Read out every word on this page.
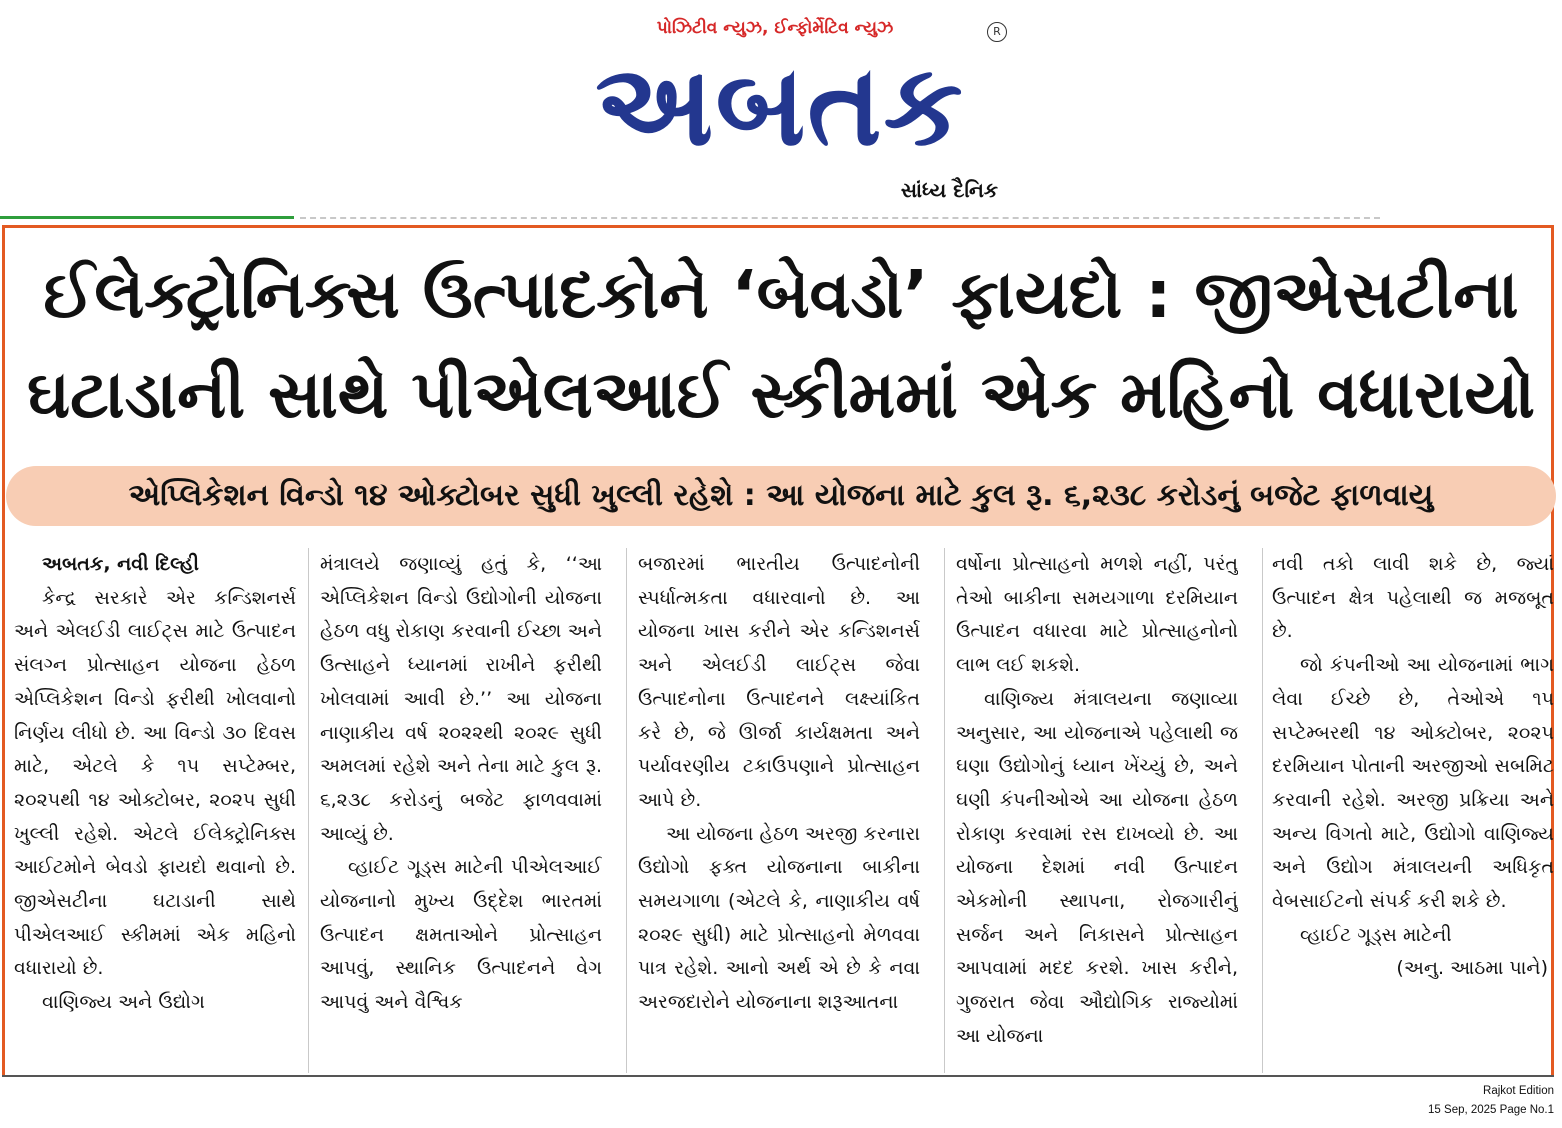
પોઝિટીવ ન્યુઝ, ઈન્ફોર્મેટિવ ન્યુઝ	R
અબતક
સાંધ્ય દૈનિક
ઈલેક્ટ્રોનિક્સ ઉત્પાદકોને ‘બેવડો’ ફાયદો : જીએસટીના
ઘટાડાની સાથે પીએલઆઈ સ્કીમમાં એક મહિનો વધારાયો
એપ્લિકેશન વિન્ડો ૧૪ ઓક્ટોબર સુધી ખુલ્લી રહેશે : આ યોજના માટે કુલ રૂ. ૬,૨૩૮ કરોડનું બજેટ ફાળવાયુ

અબતક, નવી દિલ્હી

કેન્દ્ર સરકારે એર કન્ડિશનર્સ અને એલઈડી લાઈટ્સ માટે ઉત્પાદન સંલગ્ન પ્રોત્સાહન યોજના હેઠળ એપ્લિકેશન વિન્ડો ફરીથી ખોલવાનો નિર્ણય લીધો છે. આ વિન્ડો ૩૦ દિવસ માટે, એટલે કે ૧૫ સપ્ટેમ્બર, ૨૦૨૫થી ૧૪ ઓક્ટોબર, ૨૦૨૫ સુધી ખુલ્લી રહેશે. એટલે ઈલેક્ટ્રોનિક્સ આઈટમોને બેવડો ફાયદો થવાનો છે. જીએસટીના ઘટાડાની સાથે પીએલઆઈ સ્કીમમાં એક મહિનો વધારાયો છે.

વાણિજ્ય અને ઉદ્યોગ

મંત્રાલયે જણાવ્યું હતું કે, ‘‘આ એપ્લિકેશન વિન્ડો ઉદ્યોગોની યોજના હેઠળ વધુ રોકાણ કરવાની ઈચ્છા અને ઉત્સાહને ધ્યાનમાં રાખીને ફરીથી ખોલવામાં આવી છે.’’ આ યોજના નાણાકીય વર્ષ ૨૦૨૨થી ૨૦૨૯ સુધી અમલમાં રહેશે અને તેના માટે કુલ રૂ. ૬,૨૩૮ કરોડનું બજેટ ફાળવવામાં આવ્યું છે.

વ્હાઈટ ગૂડ્સ માટેની પીએલઆઈ યોજનાનો મુખ્ય ઉદ્દેશ ભારતમાં ઉત્પાદન ક્ષમતાઓને પ્રોત્સાહન આપવું, સ્થાનિક ઉત્પાદનને વેગ આપવું અને વૈશ્વિક

બજારમાં ભારતીય ઉત્પાદનોની સ્પર્ધાત્મકતા વધારવાનો છે. આ યોજના ખાસ કરીને એર કન્ડિશનર્સ અને એલઈડી લાઈટ્સ જેવા ઉત્પાદનોના ઉત્પાદનને લક્ષ્યાંકિત કરે છે, જે ઊર્જા કાર્યક્ષમતા અને પર્યાવરણીય ટકાઉપણાને પ્રોત્સાહન આપે છે.

આ યોજના હેઠળ અરજી કરનારા ઉદ્યોગો ફક્ત યોજનાના બાકીના સમયગાળા (એટલે કે, નાણાકીય વર્ષ ૨૦૨૯ સુધી) માટે પ્રોત્સાહનો મેળવવા પાત્ર રહેશે. આનો અર્થ એ છે કે નવા અરજદારોને યોજનાના શરૂઆતના

વર્ષોના પ્રોત્સાહનો મળશે નહીં, પરંતુ તેઓ બાકીના સમયગાળા દરમિયાન ઉત્પાદન વધારવા માટે પ્રોત્સાહનોનો લાભ લઈ શકશે.

વાણિજ્ય મંત્રાલયના જણાવ્યા અનુસાર, આ યોજનાએ પહેલાથી જ ઘણા ઉદ્યોગોનું ધ્યાન ખેંચ્યું છે, અને ઘણી કંપનીઓએ આ યોજના હેઠળ રોકાણ કરવામાં રસ દાખવ્યો છે. આ યોજના દેશમાં નવી ઉત્પાદન એકમોની સ્થાપના, રોજગારીનું સર્જન અને નિકાસને પ્રોત્સાહન આપવામાં મદદ કરશે. ખાસ કરીને, ગુજરાત જેવા ઔદ્યોગિક રાજ્યોમાં આ યોજના

નવી તકો લાવી શકે છે, જ્યાં ઉત્પાદન ક્ષેત્ર પહેલાથી જ મજબૂત છે.

જો કંપનીઓ આ યોજનામાં ભાગ લેવા ઈચ્છે છે, તેઓએ ૧૫ સપ્ટેમ્બરથી ૧૪ ઓક્ટોબર, ૨૦૨૫ દરમિયાન પોતાની અરજીઓ સબમિટ કરવાની રહેશે. અરજી પ્રક્રિયા અને અન્ય વિગતો માટે, ઉદ્યોગો વાણિજ્ય અને ઉદ્યોગ મંત્રાલયની અધિકૃત વેબસાઈટનો સંપર્ક કરી શકે છે.

વ્હાઈટ ગૂડ્સ માટેની

(અનુ. આઠમા પાને)

Rajkot Edition
15 Sep, 2025 Page No.1
